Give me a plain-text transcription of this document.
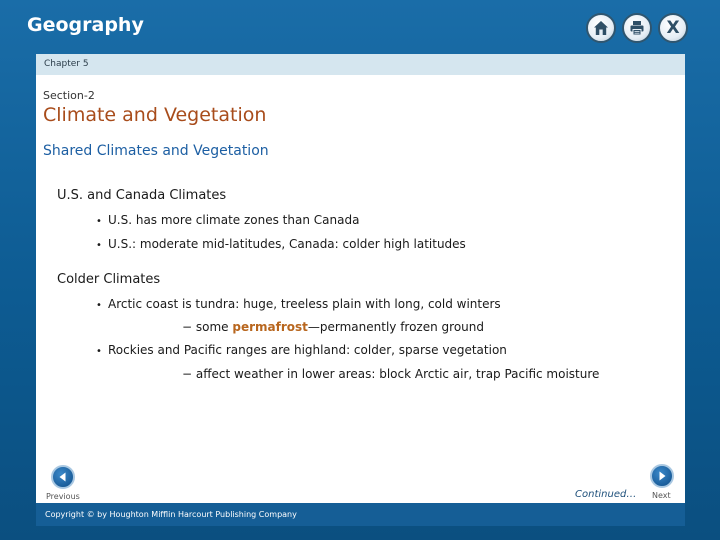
Geography	X
Chapter 5
Section-2
Climate and Vegetation
Shared Climates and Vegetation
U.S. and Canada Climates
• U.S. has more climate zones than Canada
• U.S.: moderate mid-latitudes, Canada: colder high latitudes
Colder Climates
• Arctic coast is tundra: huge, treeless plain with long, cold winters
− some permafrost—permanently frozen ground
• Rockies and Pacific ranges are highland: colder, sparse vegetation
− affect weather in lower areas: block Arctic air, trap Pacific moisture
Previous	Continued… Next
Copyright © by Houghton Mifflin Harcourt Publishing Company
